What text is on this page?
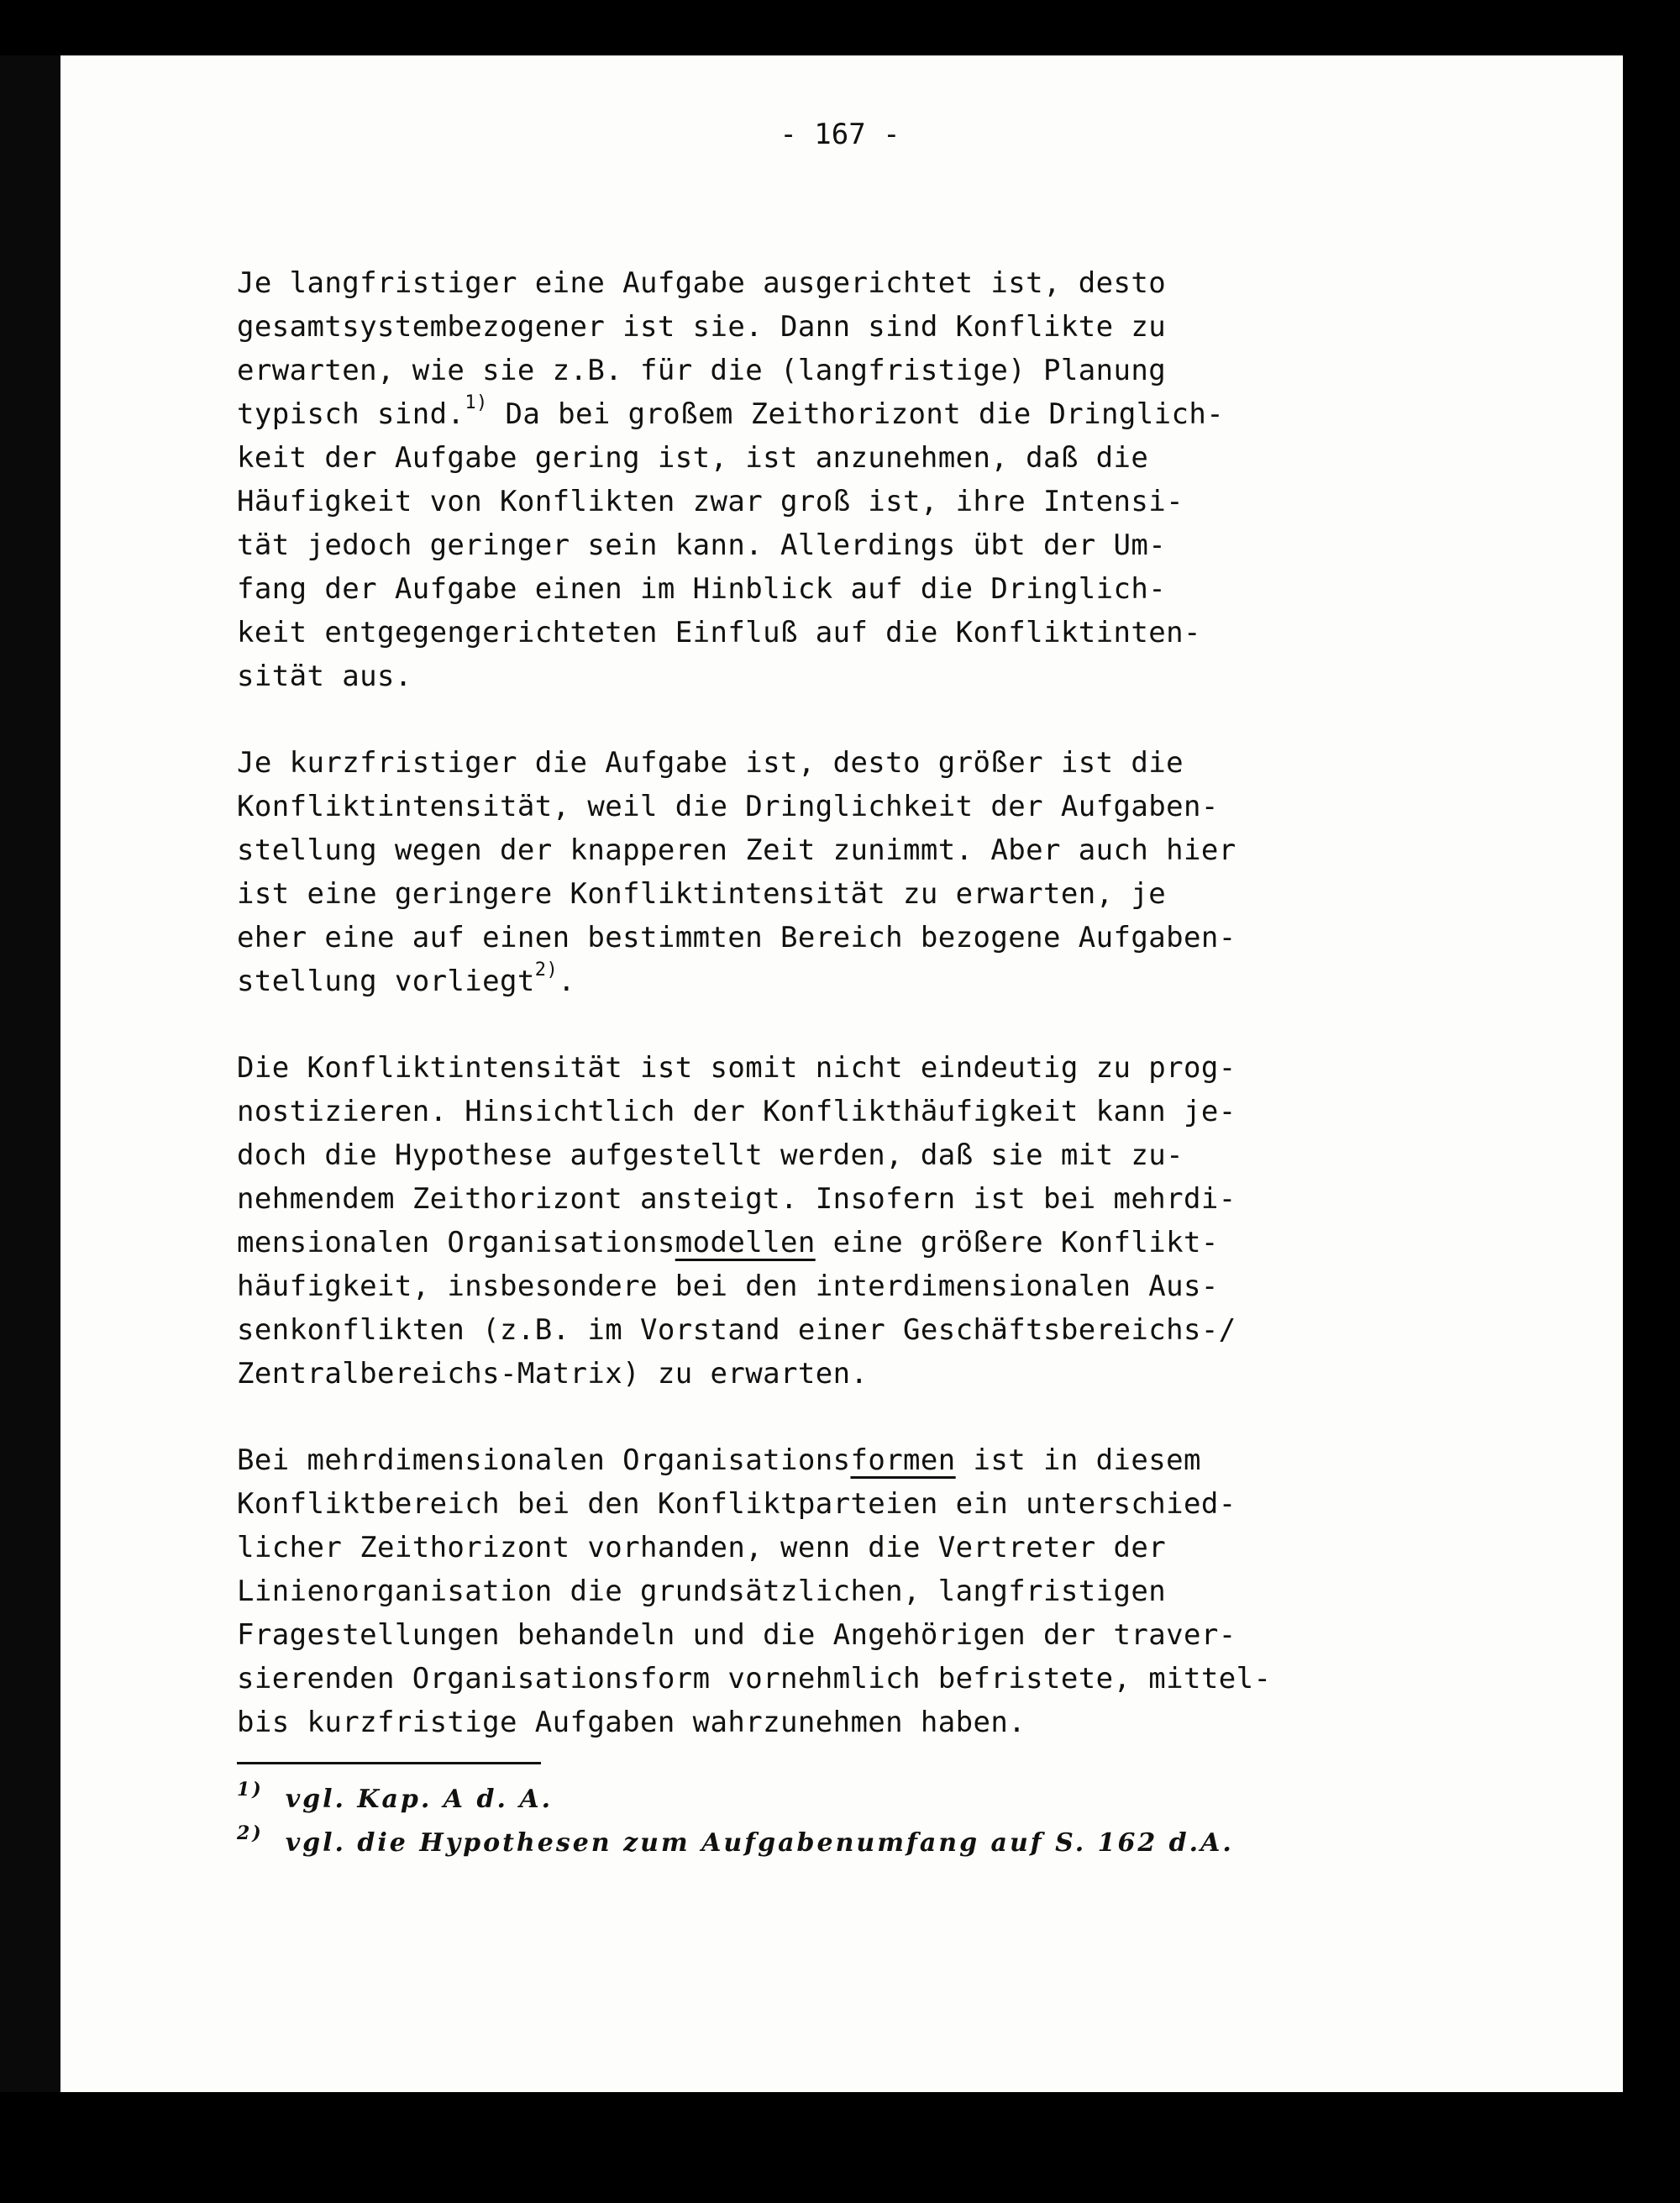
- 167 -
Je langfristiger eine Aufgabe ausgerichtet ist, desto
gesamtsystembezogener ist sie. Dann sind Konflikte zu
erwarten, wie sie z.B. für die (langfristige) Planung
typisch sind.$^{1)}$ Da bei großem Zeithorizont die Dringlich-
keit der Aufgabe gering ist, ist anzunehmen, daß die
Häufigkeit von Konflikten zwar groß ist, ihre Intensi-
tät jedoch geringer sein kann. Allerdings übt der Um-
fang der Aufgabe einen im Hinblick auf die Dringlich-
keit entgegengerichteten Einfluß auf die Konfliktinten-
sität aus.
Je kurzfristiger die Aufgabe ist, desto größer ist die
Konfliktintensität, weil die Dringlichkeit der Aufgaben-
stellung wegen der knapperen Zeit zunimmt. Aber auch hier
ist eine geringere Konfliktintensität zu erwarten, je
eher eine auf einen bestimmten Bereich bezogene Aufgaben-
stellung vorliegt$^{2)}$.
Die Konfliktintensität ist somit nicht eindeutig zu prog-
nostizieren. Hinsichtlich der Konflikthäufigkeit kann je-
doch die Hypothese aufgestellt werden, daß sie mit zu-
nehmendem Zeithorizont ansteigt. Insofern ist bei mehrdi-
mensionalen Organisationsmodellen eine größere Konflikt-
häufigkeit, insbesondere bei den interdimensionalen Aus-
senkonflikten (z.B. im Vorstand einer Geschäftsbereichs-/
Zentralbereichs-Matrix) zu erwarten.
Bei mehrdimensionalen Organisationsformen ist in diesem
Konfliktbereich bei den Konfliktparteien ein unterschied-
licher Zeithorizont vorhanden, wenn die Vertreter der
Linienorganisation die grundsätzlichen, langfristigen
Fragestellungen behandeln und die Angehörigen der traver-
sierenden Organisationsform vornehmlich befristete, mittel-
bis kurzfristige Aufgaben wahrzunehmen haben.
$^{1)}$ vgl. Kap. A d. A.
$^{2)}$ vgl. die Hypothesen zum Aufgabenumfang auf S. 162 d.A.
